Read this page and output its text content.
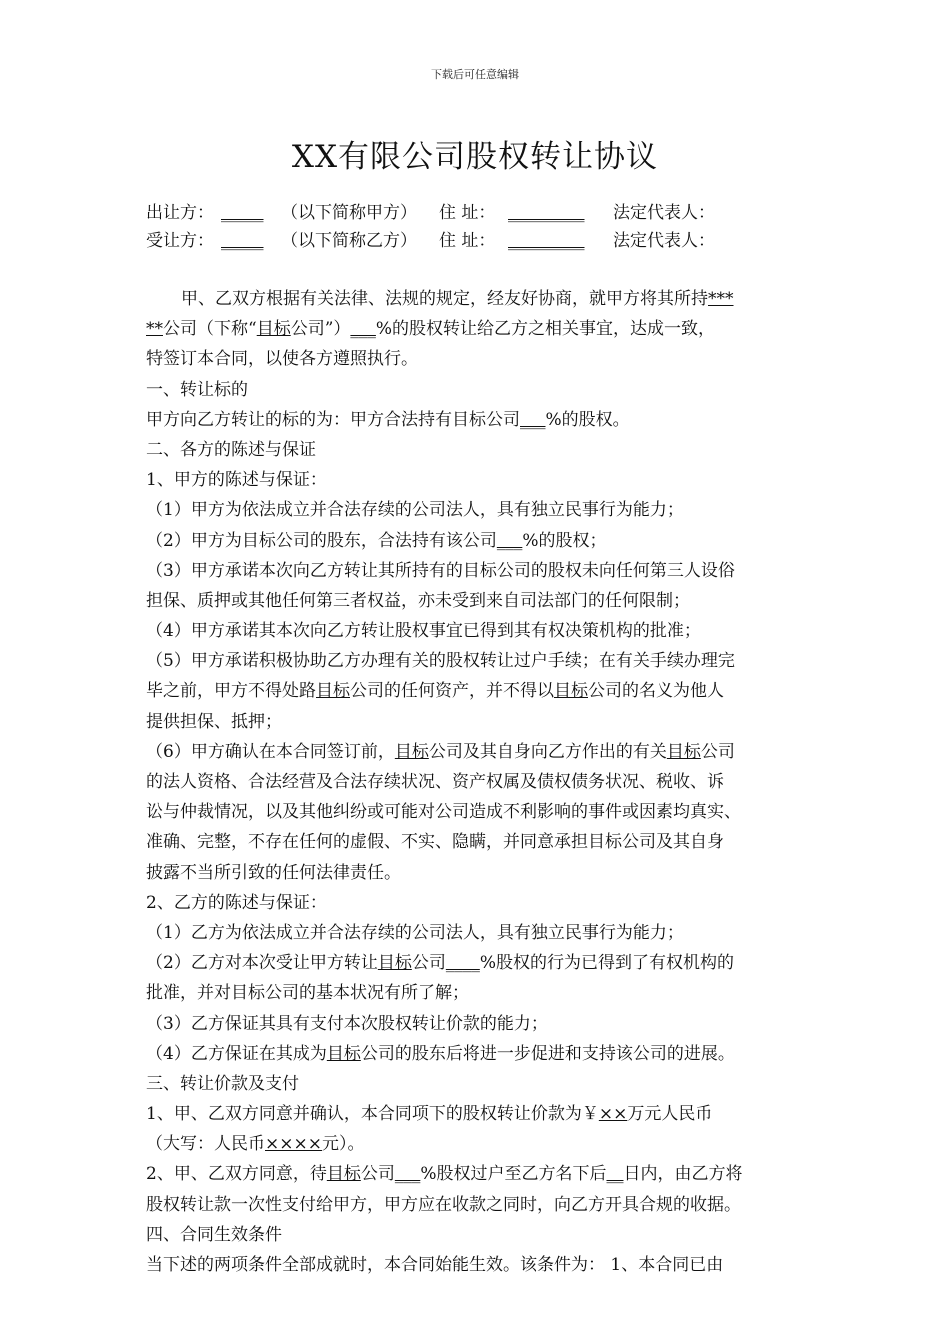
下载后可任意编辑
XX有限公司股权转让协议
出让方： _____ （以下简称甲方） 住 址： _________ 法定代表人：
受让方： _____ （以下简称乙方） 住 址： _________ 法定代表人：
甲、乙双方根据有关法律、法规的规定，经友好协商，就甲方将其所持***
**公司（下称“目标公司”）___%的股权转让给乙方之相关事宜，达成一致，
特签订本合同，以使各方遵照执行。
一、转让标的
甲方向乙方转让的标的为：甲方合法持有目标公司___%的股权。
二、各方的陈述与保证
1、甲方的陈述与保证：
（1）甲方为依法成立并合法存续的公司法人，具有独立民事行为能力；
（2）甲方为目标公司的股东，合法持有该公司___%的股权；
（3）甲方承诺本次向乙方转让其所持有的目标公司的股权未向任何第三人设俗
担保、质押或其他任何第三者权益，亦未受到来自司法部门的任何限制；
（4）甲方承诺其本次向乙方转让股权事宜已得到其有权决策机构的批准；
（5）甲方承诺积极协助乙方办理有关的股权转让过户手续；在有关手续办理完
毕之前，甲方不得处路目标公司的任何资产，并不得以目标公司的名义为他人
提供担保、抵押；
（6）甲方确认在本合同签订前，目标公司及其自身向乙方作出的有关目标公司
的法人资格、合法经营及合法存续状况、资产权属及债权债务状况、税收、诉
讼与仲裁情况，以及其他纠纷或可能对公司造成不利影响的事件或因素均真实、
准确、完整，不存在任何的虚假、不实、隐瞒，并同意承担目标公司及其自身
披露不当所引致的任何法律责任。
2、乙方的陈述与保证：
（1）乙方为依法成立并合法存续的公司法人，具有独立民事行为能力；
（2）乙方对本次受让甲方转让目标公司____%股权的行为已得到了有权机构的
批准，并对目标公司的基本状况有所了解；
（3）乙方保证其具有支付本次股权转让价款的能力；
（4）乙方保证在其成为目标公司的股东后将进一步促进和支持该公司的进展。
三、转让价款及支付
1、甲、乙双方同意并确认，本合同项下的股权转让价款为￥××万元人民币
（大写：人民币××××元）。
2、甲、乙双方同意，待目标公司___%股权过户至乙方名下后__日内，由乙方将
股权转让款一次性支付给甲方，甲方应在收款之同时，向乙方开具合规的收据。
四、合同生效条件
当下述的两项条件全部成就时，本合同始能生效。该条件为： 1、本合同已由
